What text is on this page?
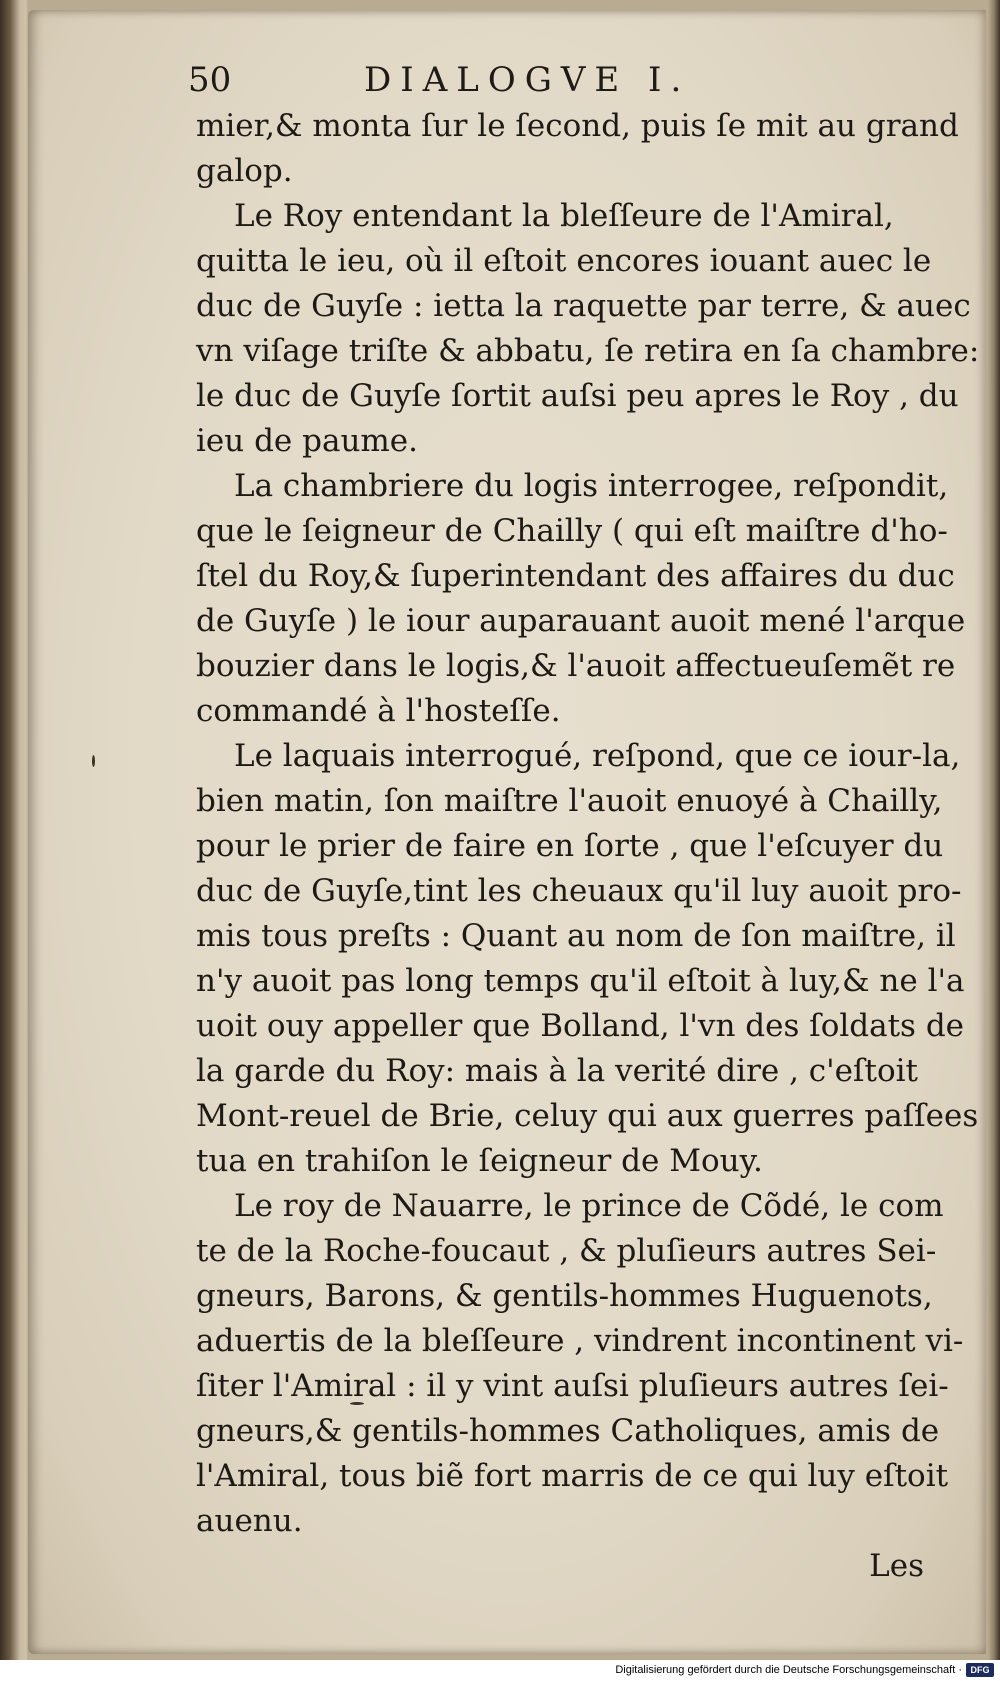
50	DIALOGVE I.
mier,& monta ſur le ſecond, puis ſe mit au grand
galop.
Le Roy entendant la bleſſeure de l'Amiral,
quitta le ieu, où il eſtoit encores iouant auec le
duc de Guyſe : ietta la raquette par terre, & auec
vn viſage triſte & abbatu, ſe retira en ſa chambre:
le duc de Guyſe ſortit auſsi peu apres le Roy , du
ieu de paume.
La chambriere du logis interrogee, reſpondit,
que le ſeigneur de Chailly ( qui eſt maiſtre d'ho-
ſtel du Roy,& ſuperintendant des affaires du duc
de Guyſe ) le iour auparauant auoit mené l'arque
bouzier dans le logis,& l'auoit affectueuſemẽt re
commandé à l'hosteſſe.
Le laquais interrogué, reſpond, que ce iour-la,
bien matin, ſon maiſtre l'auoit enuoyé à Chailly,
pour le prier de faire en ſorte , que l'eſcuyer du
duc de Guyſe,tint les cheuaux qu'il luy auoit pro-
mis tous preſts : Quant au nom de ſon maiſtre, il
n'y auoit pas long temps qu'il eſtoit à luy,& ne l'a
uoit ouy appeller que Bolland, l'vn des ſoldats de
la garde du Roy: mais à la verité dire , c'eſtoit
Mont-reuel de Brie, celuy qui aux guerres paſſees
tua en trahiſon le ſeigneur de Mouy.
Le roy de Nauarre, le prince de Cõdé, le com
te de la Roche-foucaut , & pluſieurs autres Sei-
gneurs, Barons, & gentils-hommes Huguenots,
aduertis de la bleſſeure , vindrent incontinent vi-
ſiter l'Amiral : il y vint auſsi pluſieurs autres ſei-
gneurs,& gentils-hommes Catholiques, amis de
l'Amiral, tous biẽ fort marris de ce qui luy eſtoit
auenu.
Les
Digitalisierung gefördert durch die Deutsche Forschungsgemeinschaft · DFG
